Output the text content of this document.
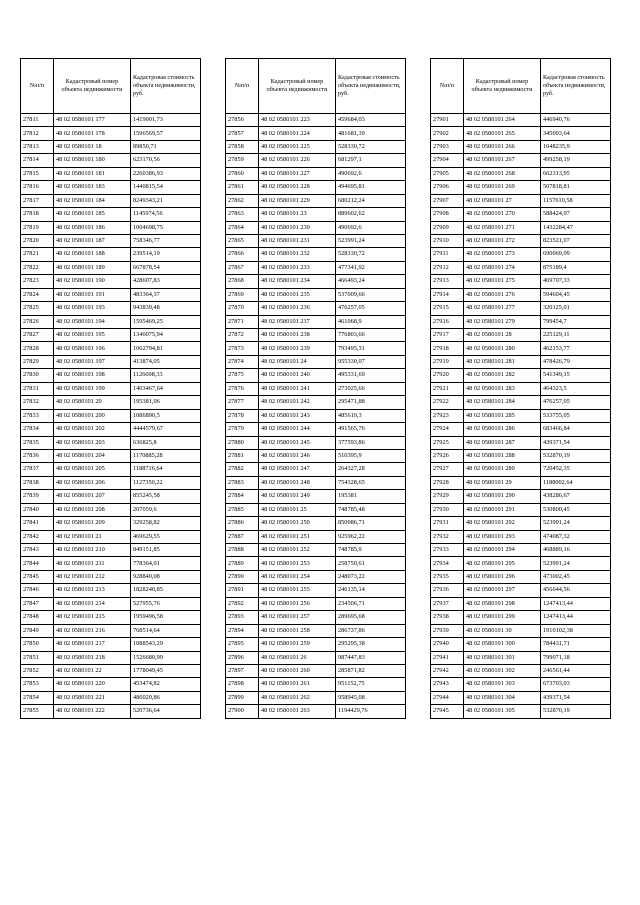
№п/п	Кадастровый номер объекта недвижимости	Кадастровая стоимость объекта недвижимости, руб.
27811	48 02 0580101 177	1419001,73
27812	48 02 0580101 178	1596569,57
27813	48 02 0580101 18	89850,71
27814	48 02 0580101 180	623170,56
27815	48 02 0580101 181	2260386,93
27816	48 02 0580101 183	1440815,54
27817	48 02 0580101 184	8249343,21
27818	48 02 0580101 185	1145974,56
27819	48 02 0580101 186	1004698,75
27820	48 02 0580101 187	758346,77
27821	48 02 0580101 188	239514,19
27822	48 02 0580101 189	667878,54
27823	48 02 0580101 190	428607,83
27824	48 02 0580101 191	483364,37
27825	48 02 0580101 193	943839,48
27826	48 02 0580101 194	1595469,25
27827	48 02 0580101 195	1340075,94
27828	48 02 0580101 196	1062794,81
27829	48 02 0580101 197	413874,05
27830	48 02 0580101 198	1126698,33
27831	48 02 0580101 199	1403467,64
27832	48 02 0580101 20	195381,06
27833	48 02 0580101 200	1086890,5
27834	48 02 0580101 202	4444579,67
27835	48 02 0580101 203	636825,8
27836	48 02 0580101 204	1170885,28
27837	48 02 0580101 205	1188716,64
27838	48 02 0580101 206	1127350,22
27839	48 02 0580101 207	855245,58
27840	48 02 0580101 208	207059,6
27841	48 02 0580101 209	329258,82
27842	48 02 0580101 21	469629,55
27843	48 02 0580101 210	849151,85
27844	48 02 0580101 211	778364,01
27845	48 02 0580101 212	928840,08
27846	48 02 0580101 213	1828240,85
27847	48 02 0580101 214	527955,76
27848	48 02 0580101 215	1959496,58
27849	48 02 0580101 216	768514,64
27850	48 02 0580101 217	1088543,29
27851	48 02 0580101 218	1526680,99
27852	48 02 0580101 22	1778049,45
27853	48 02 0580101 220	453474,82
27854	48 02 0580101 221	486020,86
27855	48 02 0580101 222	520736,64
№п/п	Кадастровый номер объекта недвижимости	Кадастровая стоимость объекта недвижимости, руб.
27856	48 02 0580101 223	459684,03
27857	48 02 0580101 224	481681,39
27858	48 02 0580101 225	528330,72
27859	48 02 0580101 226	681297,1
27860	48 02 0580101 227	490692,6
27861	48 02 0580101 228	494695,81
27862	48 02 0580101 229	680212,24
27863	48 02 0580101 23	889602,62
27864	48 02 0580101 230	490692,6
27865	48 02 0580101 231	523991,24
27866	48 02 0580101 232	528330,72
27867	48 02 0580101 233	477341,92
27868	48 02 0580101 234	466493,24
27869	48 02 0580101 235	537009,66
27870	48 02 0580101 236	476257,05
27871	48 02 0580101 237	461068,9
27872	48 02 0580101 238	776803,66
27873	48 02 0580101 239	793495,31
27874	48 02 0580101 24	955330,07
27875	48 02 0580101 240	495331,69
27876	48 02 0580101 241	273025,66
27877	48 02 0580101 242	295471,88
27878	48 02 0580101 243	485619,3
27879	48 02 0580101 244	491565,76
27880	48 02 0580101 245	377593,86
27881	48 02 0580101 246	510395,9
27882	48 02 0580101 247	264327,28
27883	48 02 0580101 248	754328,65
27884	48 02 0580101 249	195381
27885	48 02 0580101 25	748785,48
27886	48 02 0580101 250	850086,71
27887	48 02 0580101 251	925962,22
27888	48 02 0580101 252	748785,9
27889	48 02 0580101 253	258750,61
27890	48 02 0580101 254	248073,22
27891	48 02 0580101 255	246135,14
27892	48 02 0580101 256	234506,71
27893	48 02 0580101 257	289695,68
27894	48 02 0580101 258	286737,86
27895	48 02 0580101 259	295295,38
27896	48 02 0580101 26	987447,83
27897	48 02 0580101 260	285871,82
27898	48 02 0580101 261	951152,75
27899	48 02 0580101 262	958945,08
27900	48 02 0580101 263	1194429,76
№п/п	Кадастровый номер объекта недвижимости	Кадастровая стоимость объекта недвижимости, руб.
27901	48 02 0580101 264	446940,76
27902	48 02 0580101 265	345093,64
27903	48 02 0580101 266	1048235,9
27904	48 02 0580101 267	499258,19
27905	48 02 0580101 268	662313,95
27906	48 02 0580101 269	507818,81
27907	48 02 0580101 27	1157610,58
27908	48 02 0580101 270	588424,97
27909	48 02 0580101 271	1432284,47
27910	48 02 0580101 272	823521,07
27911	48 02 0580101 273	690069,09
27912	48 02 0580101 274	875189,4
27913	48 02 0580101 275	469707,33
27914	48 02 0580101 276	594604,45
27915	48 02 0580101 277	320125,01
27916	48 02 0580101 279	799454,7
27917	48 02 0580101 28	225129,11
27918	48 02 0580101 280	462153,77
27919	48 02 0580101 281	478426,79
27920	48 02 0580101 282	541349,15
27921	48 02 0580101 283	464323,5
27922	48 02 0580101 284	476257,05
27923	48 02 0580101 285	533755,05
27924	48 02 0580101 286	683466,84
27925	48 02 0580101 287	439371,54
27926	48 02 0580101 288	532870,19
27927	48 02 0580101 289	720452,35
27928	48 02 0580101 29	1188002,64
27929	48 02 0580101 290	438286,67
27930	48 02 0580101 291	530800,45
27931	48 02 0580101 292	523991,24
27932	48 02 0580101 293	474087,32
27933	48 02 0580101 294	468889,16
27934	48 02 0580101 295	523991,24
27935	48 02 0580101 296	473002,45
27936	48 02 0580101 297	456644,56
27937	48 02 0580101 298	1247413,44
27938	48 02 0580101 299	1247413,44
27939	48 02 0580101 30	1910102,38
27940	48 02 0580101 300	784431,71
27941	48 02 0580101 301	799071,18
27942	48 02 0580101 302	246561,44
27943	48 02 0580101 303	673703,03
27944	48 02 0580101 304	439371,54
27945	48 02 0580101 305	532870,19
